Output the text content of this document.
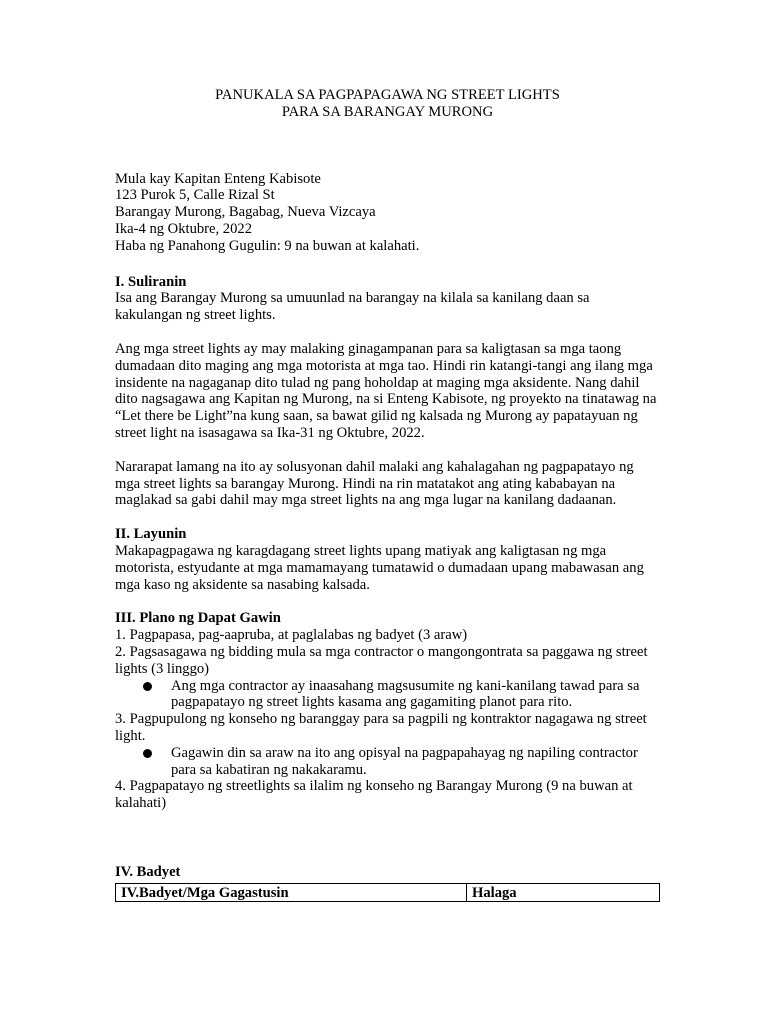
PANUKALA SA PAGPAPAGAWA NG STREET LIGHTS
PARA SA BARANGAY MURONG
Mula kay Kapitan Enteng Kabisote
123 Purok 5, Calle Rizal St
Barangay Murong, Bagabag, Nueva Vizcaya
Ika-4 ng Oktubre, 2022
Haba ng Panahong Gugulin: 9 na buwan at kalahati.
I. Suliranin

Isa ang Barangay Murong sa umuunlad na barangay na kilala sa kanilang daan sa kakulangan ng street lights.

Ang mga street lights ay may malaking ginagampanan para sa kaligtasan sa mga taong dumadaan dito maging ang mga motorista at mga tao. Hindi rin katangi-tangi ang ilang mga insidente na nagaganap dito tulad ng pang hoholdap at maging mga aksidente. Nang dahil dito nagsagawa ang Kapitan ng Murong, na si Enteng Kabisote, ng proyekto na tinatawag na “Let there be Light”na kung saan, sa bawat gilid ng kalsada ng Murong ay papatayuan ng street light na isasagawa sa Ika-31 ng Oktubre, 2022.

Nararapat lamang na ito ay solusyonan dahil malaki ang kahalagahan ng pagpapatayo ng mga street lights sa barangay Murong. Hindi na rin matatakot ang ating kababayan na maglakad sa gabi dahil may mga street lights na ang mga lugar na kanilang dadaanan.

II. Layunin

Makapagpagawa ng karagdagang street lights upang matiyak ang kaligtasan ng mga motorista, estyudante at mga mamamayang tumatawid o dumadaan upang mabawasan ang mga kaso ng aksidente sa nasabing kalsada.

III. Plano ng Dapat Gawin

1. Pagpapasa, pag-aapruba, at paglalabas ng badyet (3 araw)

2. Pagsasagawa ng bidding mula sa mga contractor o mangongontrata sa paggawa ng street lights (3 linggo)

Ang mga contractor ay inaasahang magsusumite ng kani-kanilang tawad para sa pagpapatayo ng street lights kasama ang gagamiting planot para rito.

3. Pagpupulong ng konseho ng baranggay para sa pagpili ng kontraktor nagagawa ng street light.

Gagawin din sa araw na ito ang opisyal na pagpapahayag ng napiling contractor para sa kabatiran ng nakakaramu.

4. Pagpapatayo ng streetlights sa ilalim ng konseho ng Barangay Murong (9 na buwan at kalahati)

IV. Badyet
IV.Badyet/Mga Gagastusin	Halaga
